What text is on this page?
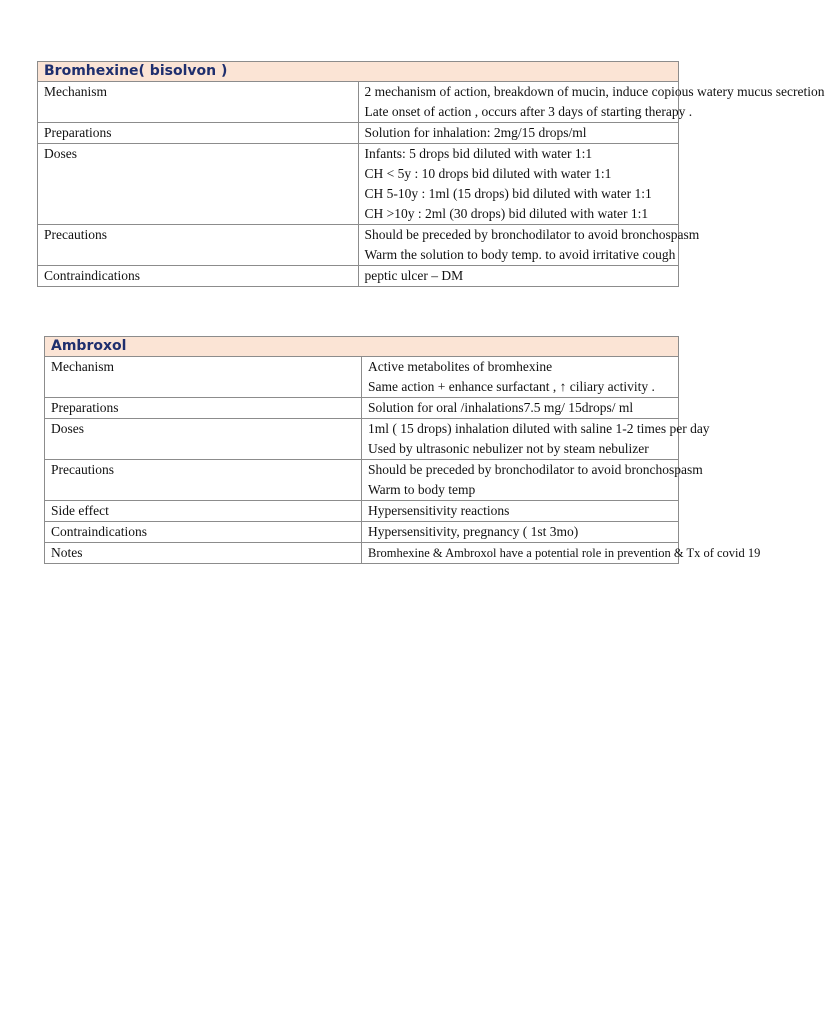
Bromhexine( bisolvon )	
Mechanism	2 mechanism of action, breakdown of mucin, induce copious watery mucus secretion
Late onset of action , occurs after 3 days of starting therapy .

Preparations	Solution for inhalation: 2mg/15 drops/ml

Doses	Infants: 5 drops bid diluted with water 1:1
CH < 5y : 10 drops bid diluted with water 1:1
CH 5-10y : 1ml (15 drops) bid diluted with water 1:1
CH >10y : 2ml (30 drops) bid diluted with water 1:1

Precautions	Should be preceded by bronchodilator to avoid bronchospasm
Warm the solution to body temp. to avoid irritative cough

Contraindications	peptic ulcer – DM
Ambroxol	
Mechanism	Active metabolites of bromhexine
Same action + enhance surfactant , ↑ ciliary activity .

Preparations	Solution for oral /inhalations7.5 mg/ 15drops/ ml

Doses	1ml ( 15 drops) inhalation diluted with saline 1-2 times per day
Used by ultrasonic nebulizer not by steam nebulizer

Precautions	Should be preceded by bronchodilator to avoid bronchospasm
Warm to body temp

Side effect	Hypersensitivity reactions

Contraindications	Hypersensitivity, pregnancy ( 1st 3mo)

Notes	Bromhexine & Ambroxol have a potential role in prevention & Tx of covid 19
